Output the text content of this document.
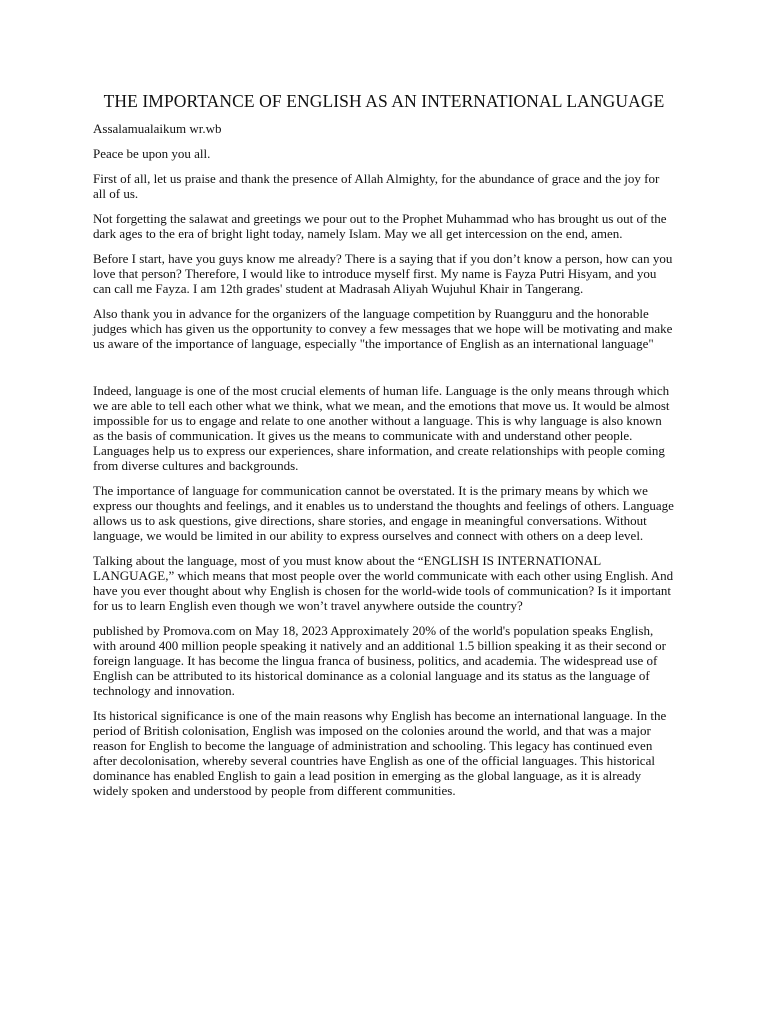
THE IMPORTANCE OF ENGLISH AS AN INTERNATIONAL LANGUAGE

Assalamualaikum wr.wb

Peace be upon you all.

First of all, let us praise and thank the presence of Allah Almighty, for the abundance of grace and the joy for all of us.

Not forgetting the salawat and greetings we pour out to the Prophet Muhammad who has brought us out of the dark ages to the era of bright light today, namely Islam. May we all get intercession on the end, amen.

Before I start, have you guys know me already? There is a saying that if you don’t know a person, how can you love that person? Therefore, I would like to introduce myself first. My name is Fayza Putri Hisyam, and you can call me Fayza. I am 12th grades' student at Madrasah Aliyah Wujuhul Khair in Tangerang.

Also thank you in advance for the organizers of the language competition by Ruangguru and the honorable judges which has given us the opportunity to convey a few messages that we hope will be motivating and make us aware of the importance of language, especially "the importance of English as an international language"

Indeed, language is one of the most crucial elements of human life. Language is the only means through which we are able to tell each other what we think, what we mean, and the emotions that move us. It would be almost impossible for us to engage and relate to one another without a language. This is why language is also known as the basis of communication. It gives us the means to communicate with and understand other people. Languages help us to express our experiences, share information, and create relationships with people coming from diverse cultures and backgrounds.

The importance of language for communication cannot be overstated. It is the primary means by which we express our thoughts and feelings, and it enables us to understand the thoughts and feelings of others. Language allows us to ask questions, give directions, share stories, and engage in meaningful conversations. Without language, we would be limited in our ability to express ourselves and connect with others on a deep level.

Talking about the language, most of you must know about the “ENGLISH IS INTERNATIONAL LANGUAGE,” which means that most people over the world communicate with each other using English. And have you ever thought about why English is chosen for the world-wide tools of communication? Is it important for us to learn English even though we won’t travel anywhere outside the country?

published by Promova.com on May 18, 2023 Approximately 20% of the world's population speaks English, with around 400 million people speaking it natively and an additional 1.5 billion speaking it as their second or foreign language. It has become the lingua franca of business, politics, and academia. The widespread use of English can be attributed to its historical dominance as a colonial language and its status as the language of technology and innovation.

Its historical significance is one of the main reasons why English has become an international language. In the period of British colonisation, English was imposed on the colonies around the world, and that was a major reason for English to become the language of administration and schooling. This legacy has continued even after decolonisation, whereby several countries have English as one of the official languages. This historical dominance has enabled English to gain a lead position in emerging as the global language, as it is already widely spoken and understood by people from different communities.
